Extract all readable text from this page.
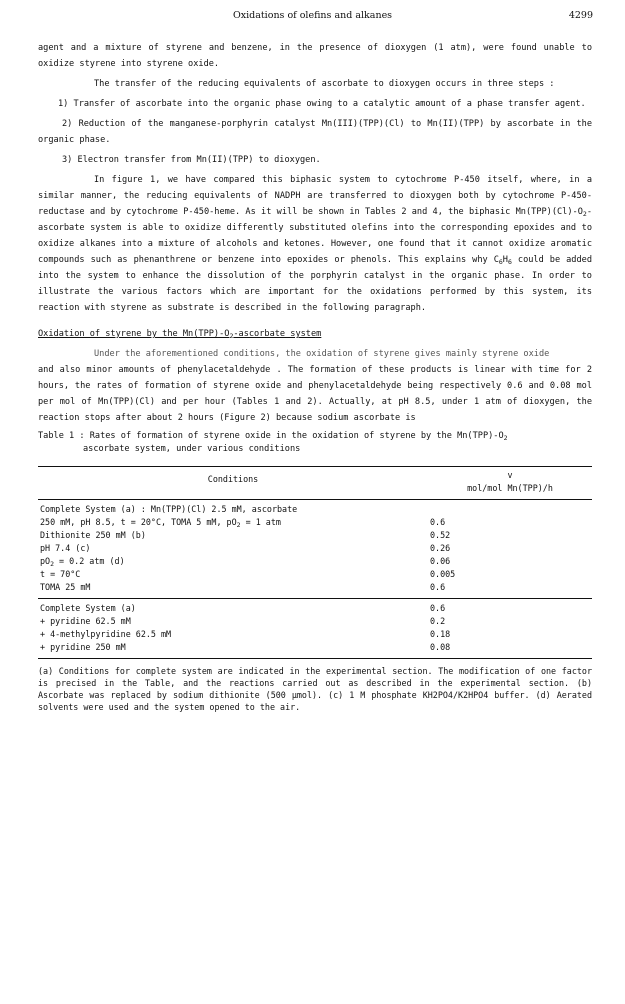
Oxidations of olefins and alkanes	4299

agent and a mixture of styrene and benzene, in the presence of dioxygen (1 atm), were found unable to oxidize styrene into styrene oxide.

The transfer of the reducing equivalents of ascorbate to dioxygen occurs in three steps :

1) Transfer of ascorbate into the organic phase owing to a catalytic amount of a phase transfer agent.

2) Reduction of the manganese-porphyrin catalyst Mn(III)(TPP)(Cl) to Mn(II)(TPP) by ascorbate in the organic phase.

3) Electron transfer from Mn(II)(TPP) to dioxygen.

In figure 1, we have compared this biphasic system to cytochrome P-450 itself, where, in a similar manner, the reducing equivalents of NADPH are transferred to dioxygen both by cytochrome P-450-reductase and by cytochrome P-450-heme. As it will be shown in Tables 2 and 4, the biphasic $Mn(TPP)(Cl)-O_2$-ascorbate system is able to oxidize differently substituted olefins into the corresponding epoxides and to oxidize alkanes into a mixture of alcohols and ketones. However, one found that it cannot oxidize aromatic compounds such as phenanthrene or benzene into epoxides or phenols. This explains why $C_6H_6$ could be added into the system to enhance the dissolution of the porphyrin catalyst in the organic phase. In order to illustrate the various factors which are important for the oxidations performed by this system, its reaction with styrene as substrate is described in the following paragraph.

Oxidation of styrene by the $Mn(TPP)-O_2$-ascorbate system

Under the aforementioned conditions, the oxidation of styrene gives mainly styrene oxide

and also minor amounts of phenylacetaldehyde . The formation of these products is linear with time for 2 hours, the rates of formation of styrene oxide and phenylacetaldehyde being respectively 0.6 and 0.08 mol per mol of Mn(TPP)(Cl) and per hour (Tables 1 and 2). Actually, at pH 8.5, under 1 atm of dioxygen, the reaction stops after about 2 hours (Figure 2) because sodium ascorbate is

Table 1 : Rates of formation of styrene oxide in the oxidation of styrene by the $Mn(TPP)-O_2$
ascorbate system, under various conditions
Conditions	v
mol/mol Mn(TPP)/h

Complete System (a) : Mn(TPP)(Cl) 2.5 mM, ascorbate
250 mM, pH 8.5, t = 20°C, TOMA 5 mM, $pO_2 = 1$ atm	0.6
Dithionite 250 mM (b)	0.52
pH 7.4 (c)	0.26
$pO_2 = 0.2$ atm (d)	0.06
t = 70°C	0.005
TOMA 25 mM	0.6
Complete System (a)	0.6
+ pyridine 62.5 mM	0.2
+ 4-methylpyridine 62.5 mM	0.18
+ pyridine 250 mM	0.08
(a) Conditions for complete system are indicated in the experimental section. The modification of one factor is precised in the Table, and the reactions carried out as described in the experimental section. (b) Ascorbate was replaced by sodium dithionite (500 μmol). (c) 1 M phosphate KH2PO4/K2HPO4 buffer. (d) Aerated solvents were used and the system opened to the air.
